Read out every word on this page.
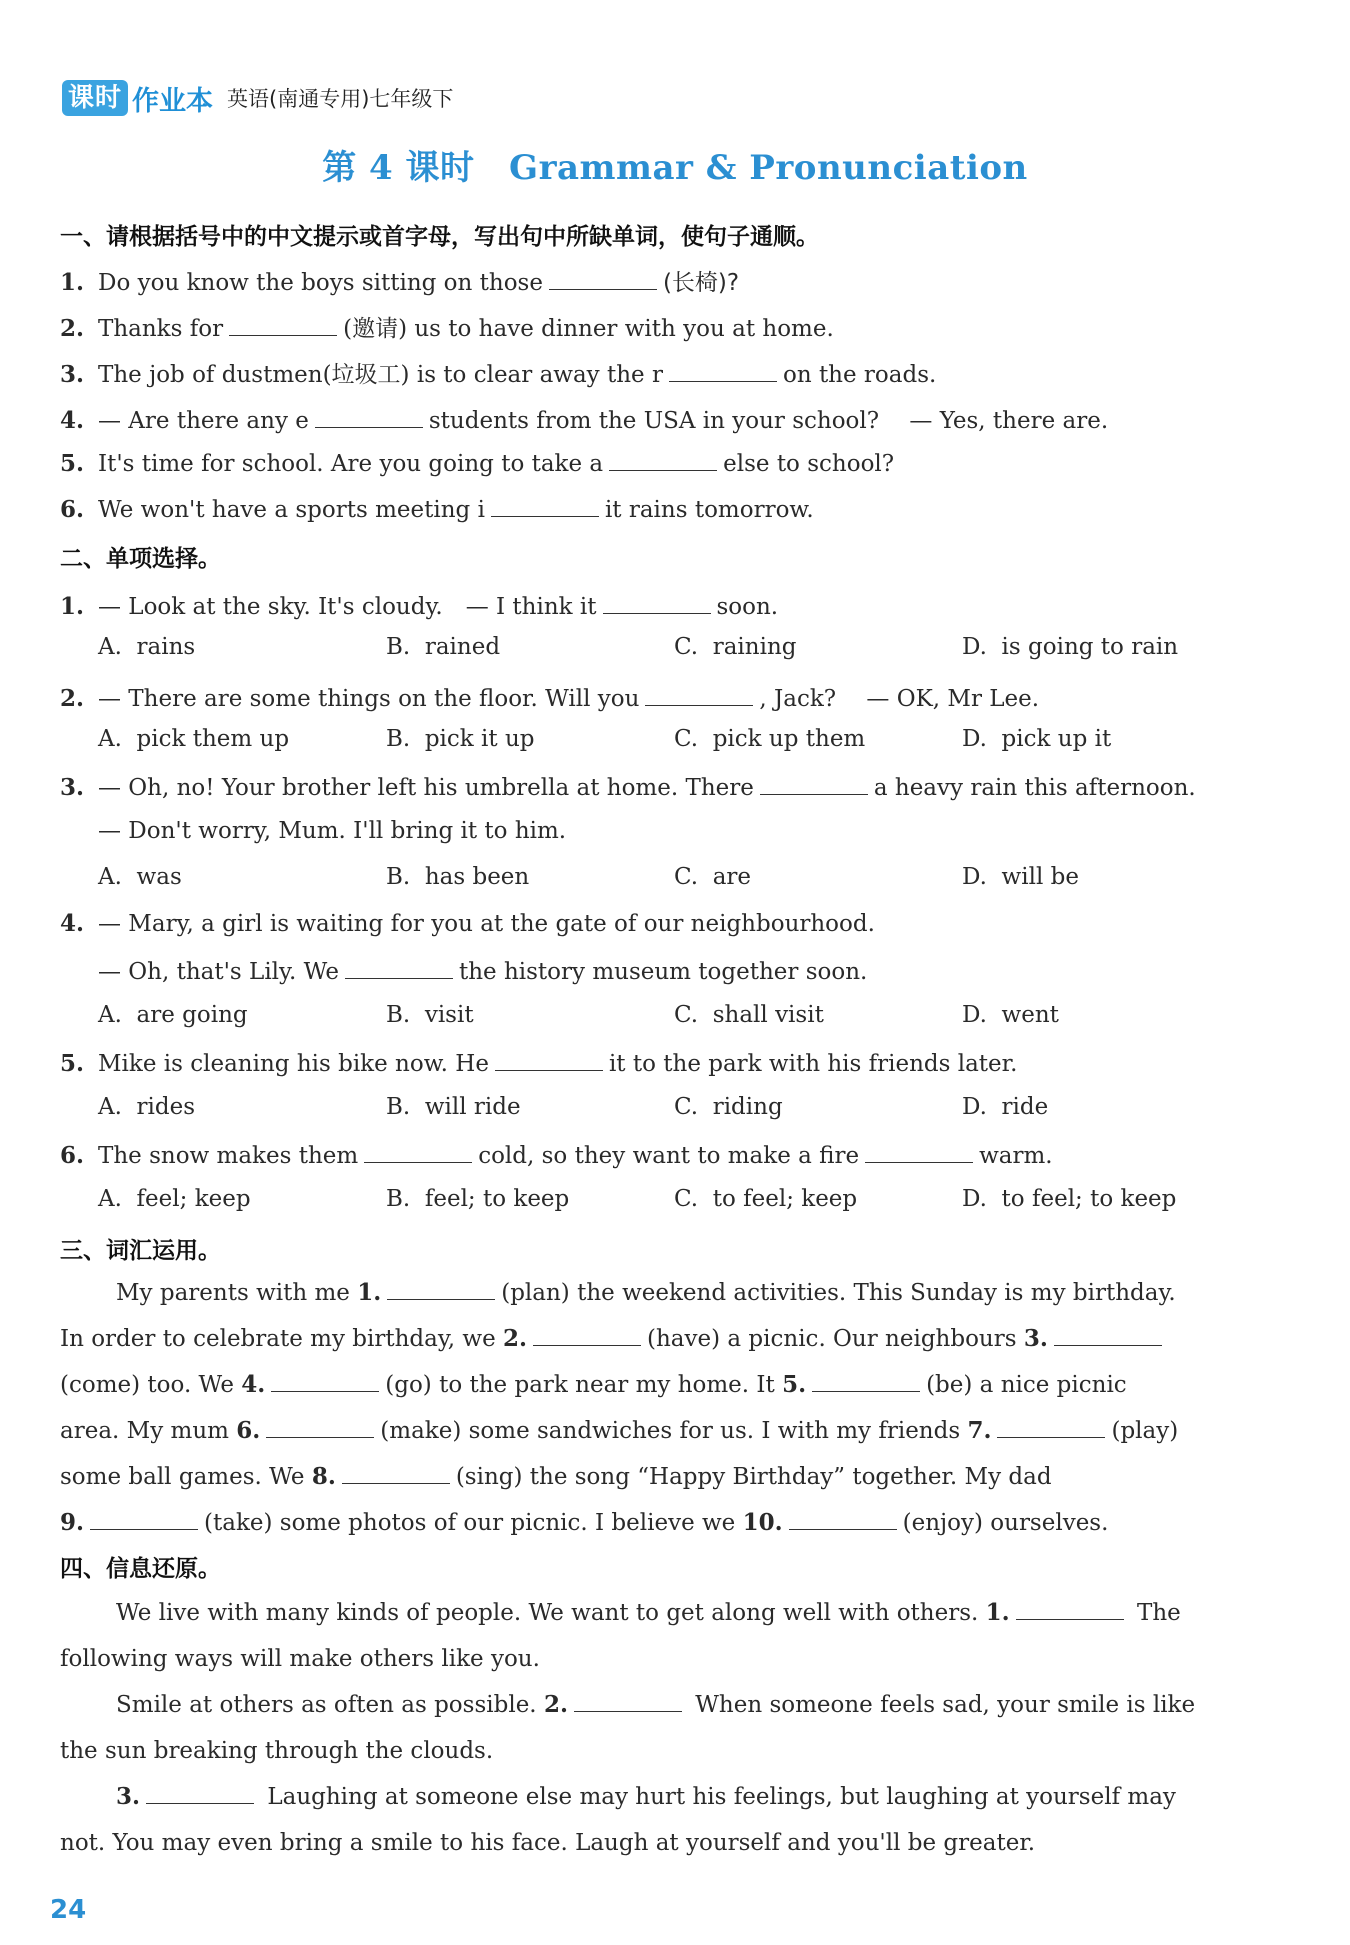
课时 作业本 英语(南通专用)七年级下
第 4 课时　Grammar & Pronunciation
一、请根据括号中的中文提示或首字母，写出句中所缺单词，使句子通顺。
1. Do you know the boys sitting on those	(长椅)?
2. Thanks for	(邀请) us to have dinner with you at home.
3. The job of dustmen(垃圾工) is to clear away the r	on the roads.
4. — Are there any e	students from the USA in your school?　 — Yes, there are.
5. It's time for school. Are you going to take a	else to school?
6. We won't have a sports meeting i	it rains tomorrow.
二、单项选择。
1. — Look at the sky. It's cloudy.　— I think it	soon.
A.  rains	B.  rained	C.  raining	D.  is going to rain
2. — There are some things on the floor. Will you	, Jack?　 — OK, Mr Lee.
A.  pick them up	B.  pick it up	C.  pick up them	D.  pick up it
3. — Oh, no! Your brother left his umbrella at home. There	a heavy rain this afternoon.
— Don't worry, Mum. I'll bring it to him.
A.  was	B.  has been	C.  are	D.  will be
4. — Mary, a girl is waiting for you at the gate of our neighbourhood.
— Oh, that's Lily. We	the history museum together soon.
A.  are going	B.  visit	C.  shall visit	D.  went
5. Mike is cleaning his bike now. He	it to the park with his friends later.
A.  rides	B.  will ride	C.  riding	D.  ride
6. The snow makes them	cold, so they want to make a fire	warm.
A.  feel; keep	B.  feel; to keep	C.  to feel; keep	D.  to feel; to keep
三、词汇运用。
My parents with me 1.	(plan) the weekend activities. This Sunday is my birthday.
In order to celebrate my birthday, we 2.	(have) a picnic. Our neighbours 3.
(come) too. We 4.	(go) to the park near my home. It 5.	(be) a nice picnic
area. My mum 6.	(make) some sandwiches for us. I with my friends 7.	(play)
some ball games. We 8.	(sing) the song “Happy Birthday” together. My dad
9.	(take) some photos of our picnic. I believe we 10.	(enjoy) ourselves.
四、信息还原。
We live with many kinds of people. We want to get along well with others. 1.	The
following ways will make others like you.
Smile at others as often as possible. 2.	When someone feels sad, your smile is like
the sun breaking through the clouds.
3.	Laughing at someone else may hurt his feelings, but laughing at yourself may
not. You may even bring a smile to his face. Laugh at yourself and you'll be greater.
24
